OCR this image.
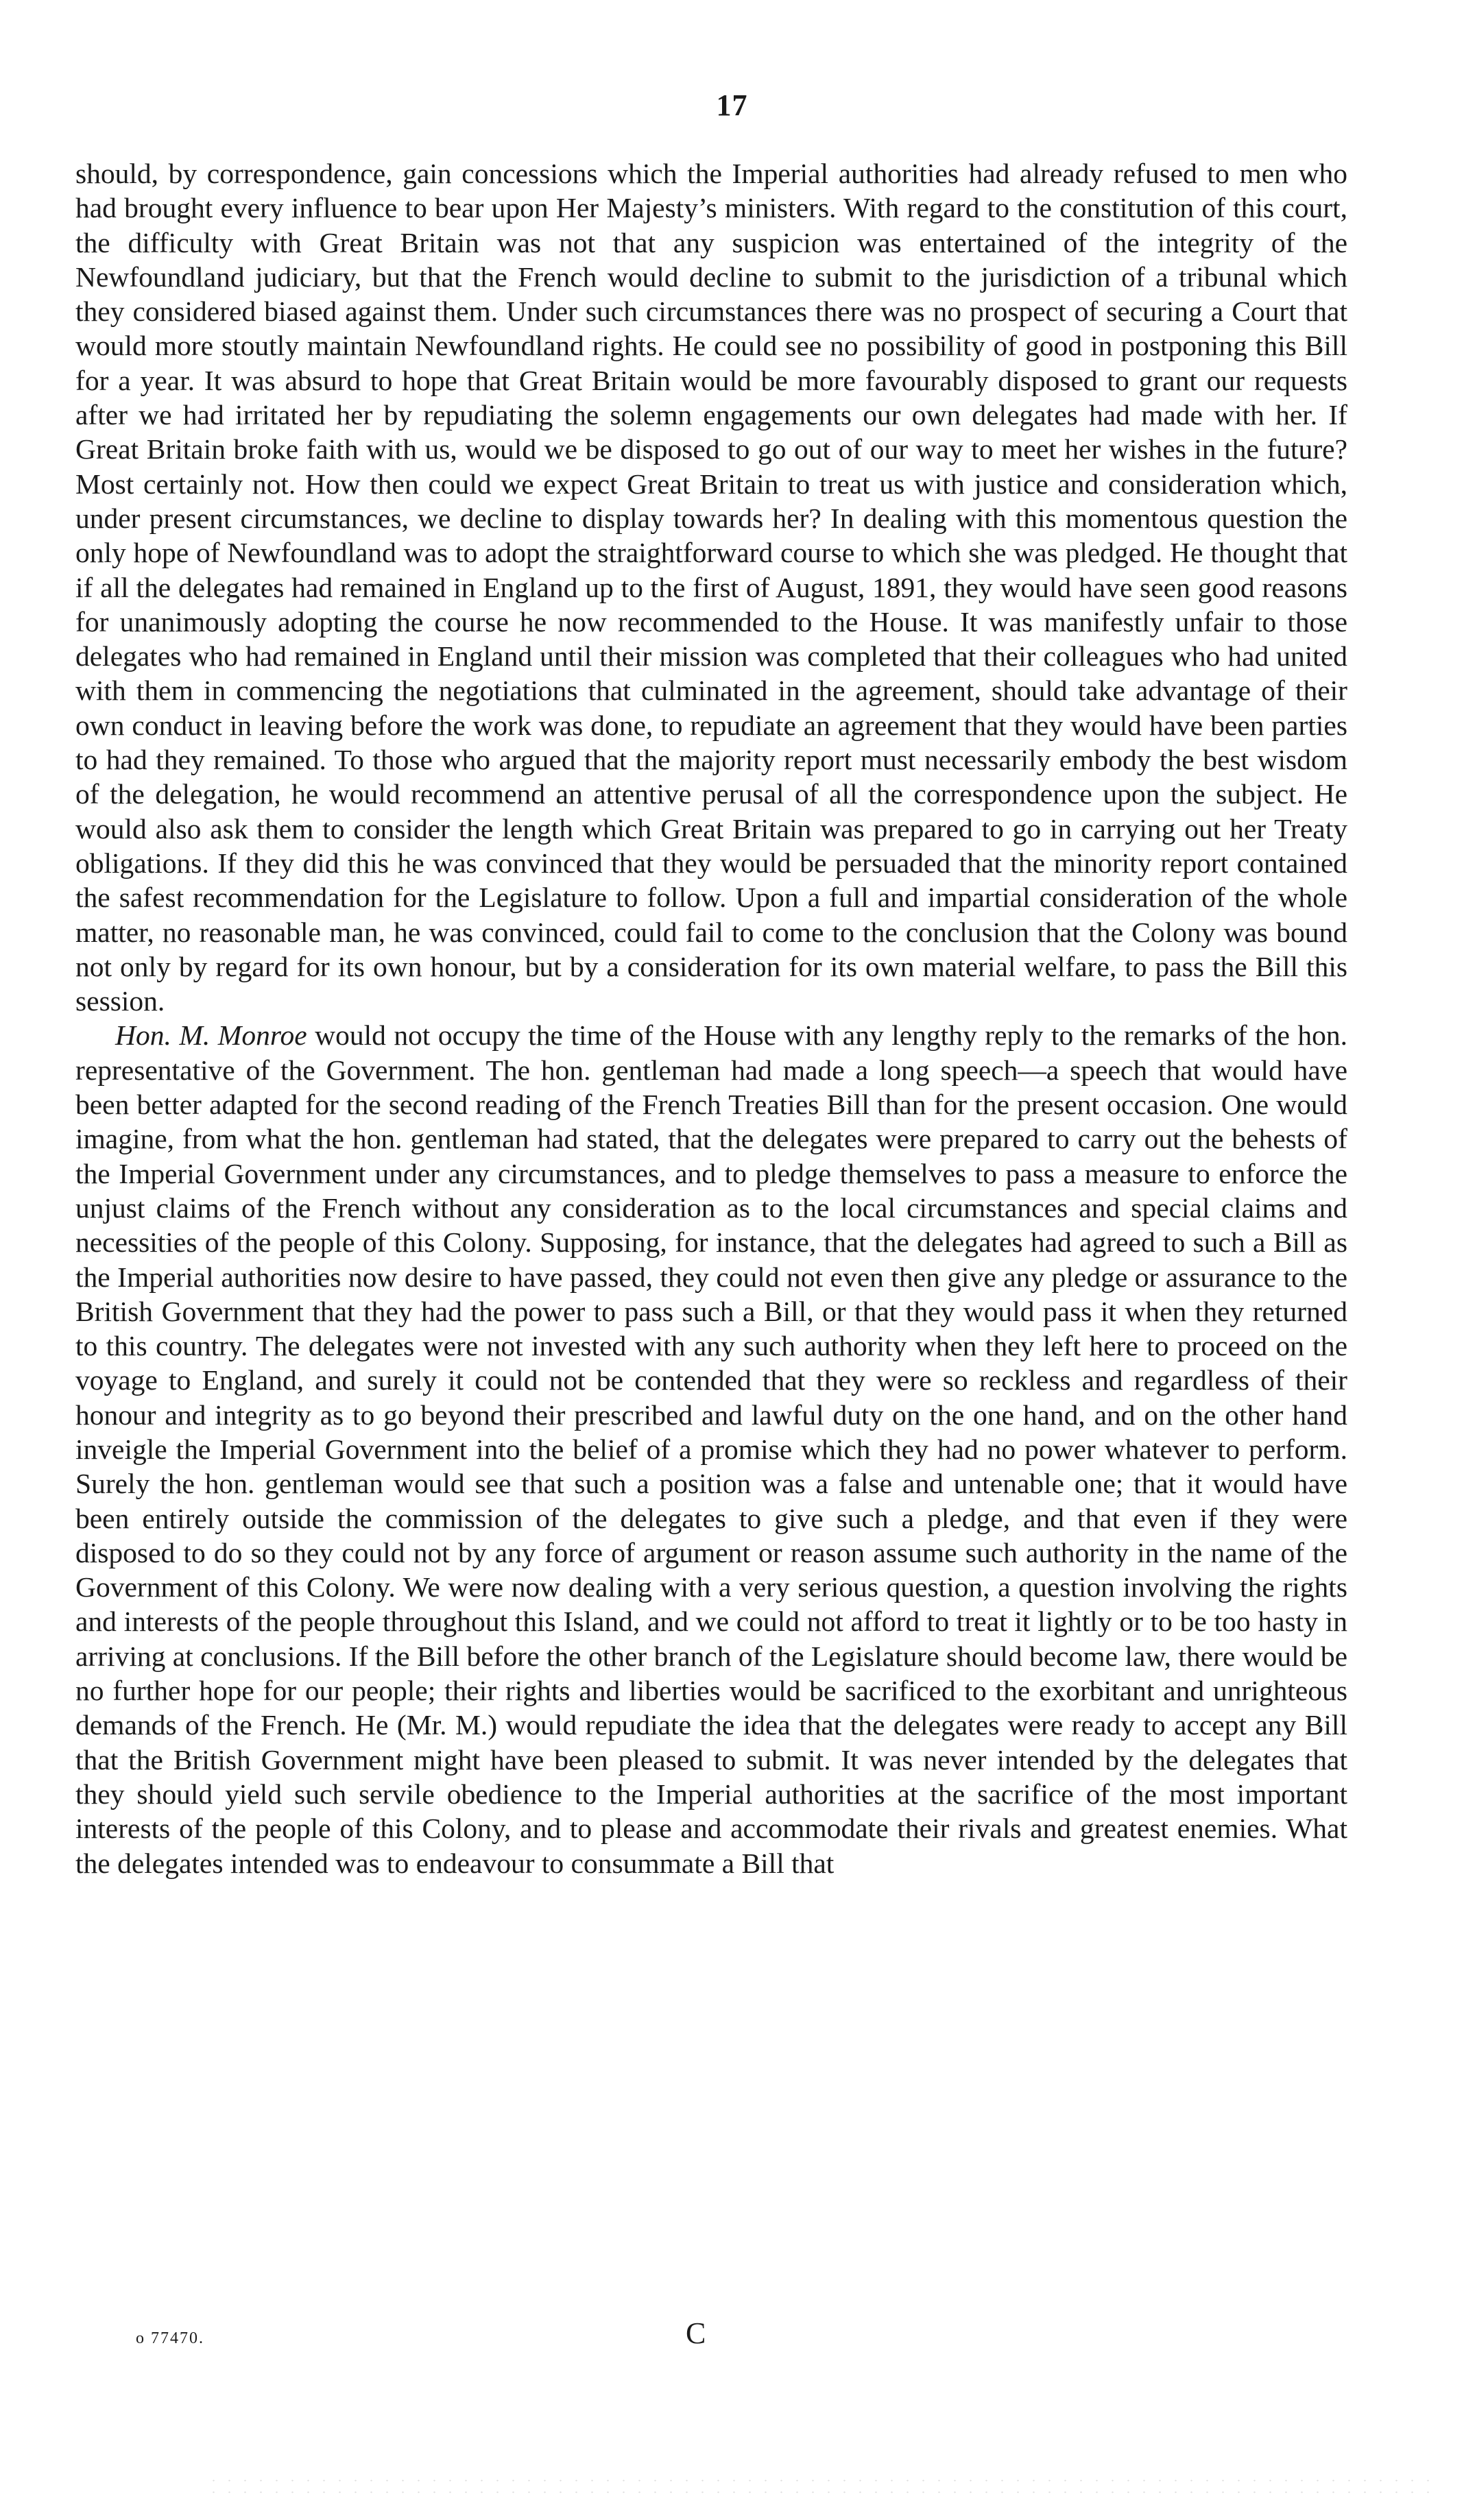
17

should, by correspondence, gain concessions which the Imperial authorities had already refused to men who had brought every influence to bear upon Her Majesty’s ministers. With regard to the constitution of this court, the difficulty with Great Britain was not that any suspicion was entertained of the integrity of the Newfoundland judiciary, but that the French would decline to submit to the jurisdiction of a tribunal which they considered biased against them. Under such circumstances there was no prospect of securing a Court that would more stoutly maintain Newfoundland rights. He could see no possibility of good in postponing this Bill for a year. It was absurd to hope that Great Britain would be more favourably disposed to grant our requests after we had irritated her by repudiating the solemn engagements our own delegates had made with her. If Great Britain broke faith with us, would we be disposed to go out of our way to meet her wishes in the future? Most certainly not. How then could we expect Great Britain to treat us with justice and consideration which, under present circumstances, we decline to display towards her? In dealing with this momentous question the only hope of Newfoundland was to adopt the straightforward course to which she was pledged. He thought that if all the delegates had remained in England up to the first of August, 1891, they would have seen good reasons for unanimously adopting the course he now recommended to the House. It was manifestly unfair to those delegates who had remained in England until their mission was completed that their colleagues who had united with them in commencing the negotiations that culminated in the agreement, should take advantage of their own conduct in leaving before the work was done, to repudiate an agreement that they would have been parties to had they remained. To those who argued that the majority report must necessarily embody the best wisdom of the delegation, he would recommend an attentive perusal of all the correspondence upon the subject. He would also ask them to consider the length which Great Britain was prepared to go in carrying out her Treaty obligations. If they did this he was convinced that they would be persuaded that the minority report contained the safest recommendation for the Legislature to follow. Upon a full and impartial consideration of the whole matter, no reasonable man, he was convinced, could fail to come to the conclusion that the Colony was bound not only by regard for its own honour, but by a consideration for its own material welfare, to pass the Bill this session.

Hon. M. Monroe would not occupy the time of the House with any lengthy reply to the remarks of the hon. representative of the Government. The hon. gentleman had made a long speech—a speech that would have been better adapted for the second reading of the French Treaties Bill than for the present occasion. One would imagine, from what the hon. gentleman had stated, that the delegates were prepared to carry out the behests of the Imperial Government under any circumstances, and to pledge themselves to pass a measure to enforce the unjust claims of the French without any consideration as to the local circumstances and special claims and necessities of the people of this Colony. Supposing, for instance, that the delegates had agreed to such a Bill as the Imperial authorities now desire to have passed, they could not even then give any pledge or assurance to the British Government that they had the power to pass such a Bill, or that they would pass it when they returned to this country. The delegates were not invested with any such authority when they left here to proceed on the voyage to England, and surely it could not be contended that they were so reckless and regardless of their honour and integrity as to go beyond their prescribed and lawful duty on the one hand, and on the other hand inveigle the Imperial Government into the belief of a promise which they had no power whatever to perform. Surely the hon. gentleman would see that such a position was a false and untenable one; that it would have been entirely outside the commission of the delegates to give such a pledge, and that even if they were disposed to do so they could not by any force of argument or reason assume such authority in the name of the Government of this Colony. We were now dealing with a very serious question, a question involving the rights and interests of the people throughout this Island, and we could not afford to treat it lightly or to be too hasty in arriving at conclusions. If the Bill before the other branch of the Legislature should become law, there would be no further hope for our people; their rights and liberties would be sacrificed to the exorbitant and unrighteous demands of the French. He (Mr. M.) would repudiate the idea that the delegates were ready to accept any Bill that the British Government might have been pleased to submit. It was never intended by the delegates that they should yield such servile obedience to the Imperial authorities at the sacrifice of the most important interests of the people of this Colony, and to please and accommodate their rivals and greatest enemies. What the delegates intended was to endeavour to consummate a Bill that

o 77470.	C
